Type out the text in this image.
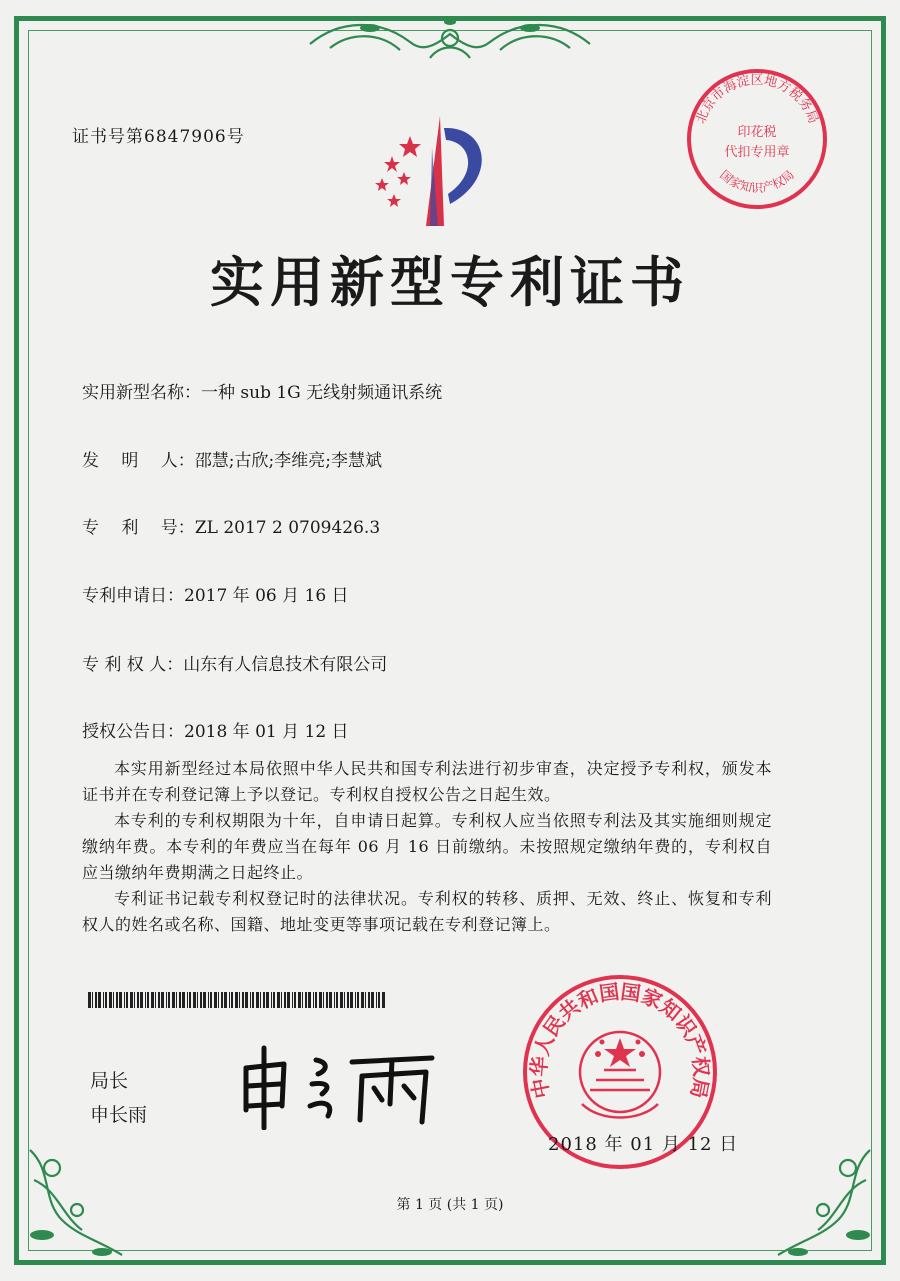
证书号第6847906号
北京市海淀区地方税务局
国家知识产权局
印花税
代扣专用章
实用新型专利证书
实用新型名称：一种 sub 1G 无线射频通讯系统
发　 明　 人：邵慧;古欣;李维亮;李慧斌
专　 利　 号：ZL 2017 2 0709426.3
专利申请日：2017 年 06 月 16 日
专 利 权 人：山东有人信息技术有限公司
授权公告日：2018 年 01 月 12 日

本实用新型经过本局依照中华人民共和国专利法进行初步审查，决定授予专利权，颁发本证书并在专利登记簿上予以登记。专利权自授权公告之日起生效。

本专利的专利权期限为十年，自申请日起算。专利权人应当依照专利法及其实施细则规定缴纳年费。本专利的年费应当在每年 06 月 16 日前缴纳。未按照规定缴纳年费的，专利权自应当缴纳年费期满之日起终止。

专利证书记载专利权登记时的法律状况。专利权的转移、质押、无效、终止、恢复和专利权人的姓名或名称、国籍、地址变更等事项记载在专利登记簿上。

局长
申长雨
中华人民共和国国家知识产权局
2018 年 01 月 12 日
第 1 页 (共 1 页)
